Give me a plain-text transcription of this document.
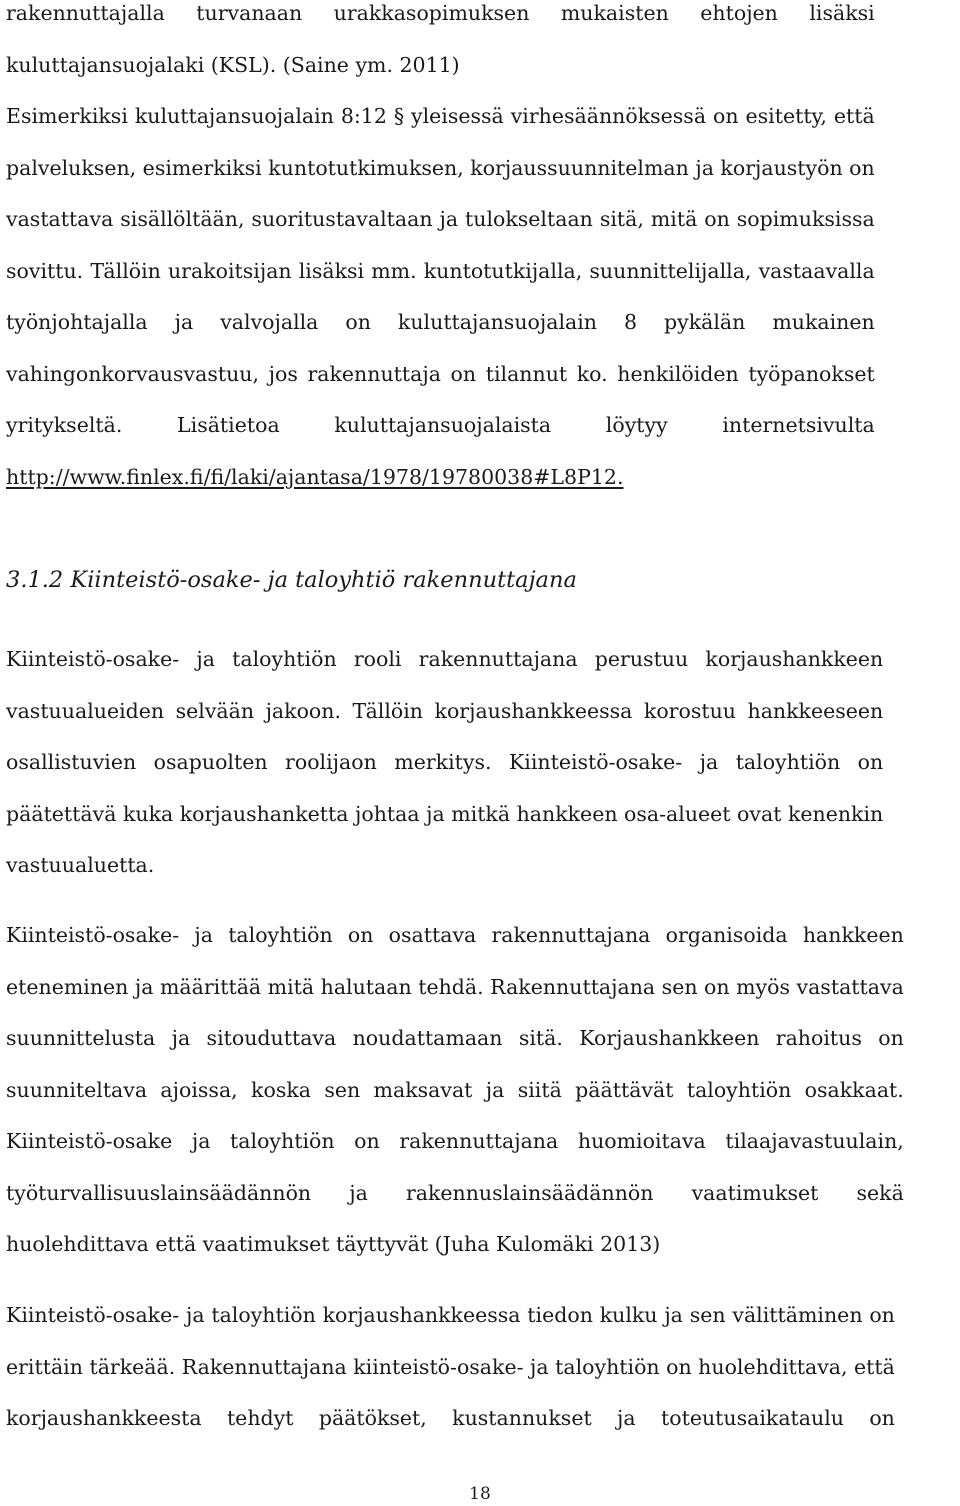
rakennuttajalla turvanaan urakkasopimuksen mukaisten ehtojen lisäksi
kuluttajansuojalaki (KSL). (Saine ym. 2011)
Esimerkiksi kuluttajansuojalain 8:12 § yleisessä virhesäännöksessä on esitetty, että
palveluksen, esimerkiksi kuntotutkimuksen, korjaussuunnitelman ja korjaustyön on
vastattava sisällöltään, suoritustavaltaan ja tulokseltaan sitä, mitä on sopimuksissa
sovittu. Tällöin urakoitsijan lisäksi mm. kuntotutkijalla, suunnittelijalla, vastaavalla
työnjohtajalla ja valvojalla on kuluttajansuojalain 8 pykälän mukainen
vahingonkorvausvastuu, jos rakennuttaja on tilannut ko. henkilöiden työpanokset
yritykseltä. Lisätietoa kuluttajansuojalaista löytyy internetsivulta
http://www.finlex.fi/fi/laki/ajantasa/1978/19780038#L8P12.
3.1.2 Kiinteistö-osake- ja taloyhtiö rakennuttajana
Kiinteistö-osake- ja taloyhtiön rooli rakennuttajana perustuu korjaushankkeen
vastuualueiden selvään jakoon. Tällöin korjaushankkeessa korostuu hankkeeseen
osallistuvien osapuolten roolijaon merkitys. Kiinteistö-osake- ja taloyhtiön on
päätettävä kuka korjaushanketta johtaa ja mitkä hankkeen osa-alueet ovat kenenkin
vastuualuetta.
Kiinteistö-osake- ja taloyhtiön on osattava rakennuttajana organisoida hankkeen
eteneminen ja määrittää mitä halutaan tehdä. Rakennuttajana sen on myös vastattava
suunnittelusta ja sitouduttava noudattamaan sitä. Korjaushankkeen rahoitus on
suunniteltava ajoissa, koska sen maksavat ja siitä päättävät taloyhtiön osakkaat.
Kiinteistö-osake ja taloyhtiön on rakennuttajana huomioitava tilaajavastuulain,
työturvallisuuslainsäädännön ja rakennuslainsäädännön vaatimukset sekä
huolehdittava että vaatimukset täyttyvät (Juha Kulomäki 2013)
Kiinteistö-osake- ja taloyhtiön korjaushankkeessa tiedon kulku ja sen välittäminen on
erittäin tärkeää. Rakennuttajana kiinteistö-osake- ja taloyhtiön on huolehdittava, että
korjaushankkeesta tehdyt päätökset, kustannukset ja toteutusaikataulu on
18
